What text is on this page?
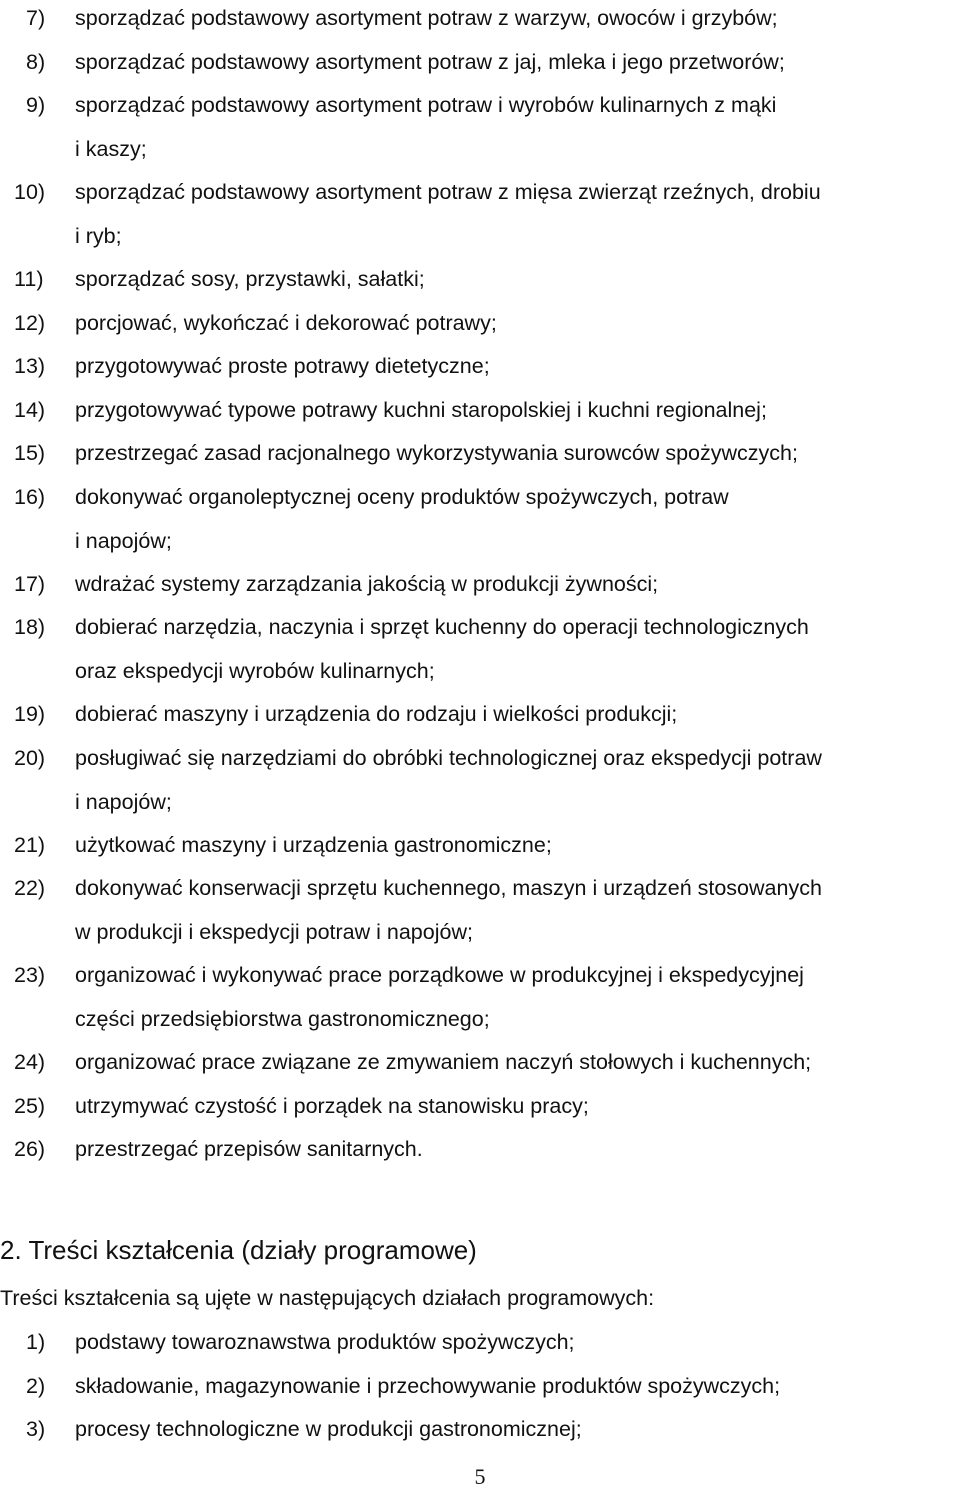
7)	sporządzać podstawowy asortyment potraw z warzyw, owoców i grzybów;
8)	sporządzać podstawowy asortyment potraw z jaj, mleka i jego przetworów;
9)	sporządzać podstawowy asortyment potraw i wyrobów kulinarnych z mąki
i kaszy;
10)	sporządzać podstawowy asortyment potraw z mięsa zwierząt rzeźnych, drobiu
i ryb;
11)	sporządzać sosy, przystawki, sałatki;
12)	porcjować, wykończać i dekorować potrawy;
13)	przygotowywać proste potrawy dietetyczne;
14)	przygotowywać typowe potrawy kuchni staropolskiej i kuchni regionalnej;
15)	przestrzegać zasad racjonalnego wykorzystywania surowców spożywczych;
16)	dokonywać organoleptycznej oceny produktów spożywczych, potraw
i napojów;
17)	wdrażać systemy zarządzania jakością w produkcji żywności;
18)	dobierać narzędzia, naczynia i sprzęt kuchenny do operacji technologicznych
oraz ekspedycji wyrobów kulinarnych;
19)	dobierać maszyny i urządzenia do rodzaju i wielkości produkcji;
20)	posługiwać się narzędziami do obróbki technologicznej oraz ekspedycji potraw
i napojów;
21)	użytkować maszyny i urządzenia gastronomiczne;
22)	dokonywać konserwacji sprzętu kuchennego, maszyn i urządzeń stosowanych
w produkcji i ekspedycji potraw i napojów;
23)	organizować i wykonywać prace porządkowe w produkcyjnej i ekspedycyjnej
części przedsiębiorstwa gastronomicznego;
24)	organizować prace związane ze zmywaniem naczyń stołowych i kuchennych;
25)	utrzymywać czystość i porządek na stanowisku pracy;
26)	przestrzegać przepisów sanitarnych.
2. Treści kształcenia (działy programowe)
Treści kształcenia są ujęte w następujących działach programowych:
1)	podstawy towaroznawstwa produktów spożywczych;
2)	składowanie, magazynowanie i przechowywanie produktów spożywczych;
3)	procesy technologiczne w produkcji gastronomicznej;
5
